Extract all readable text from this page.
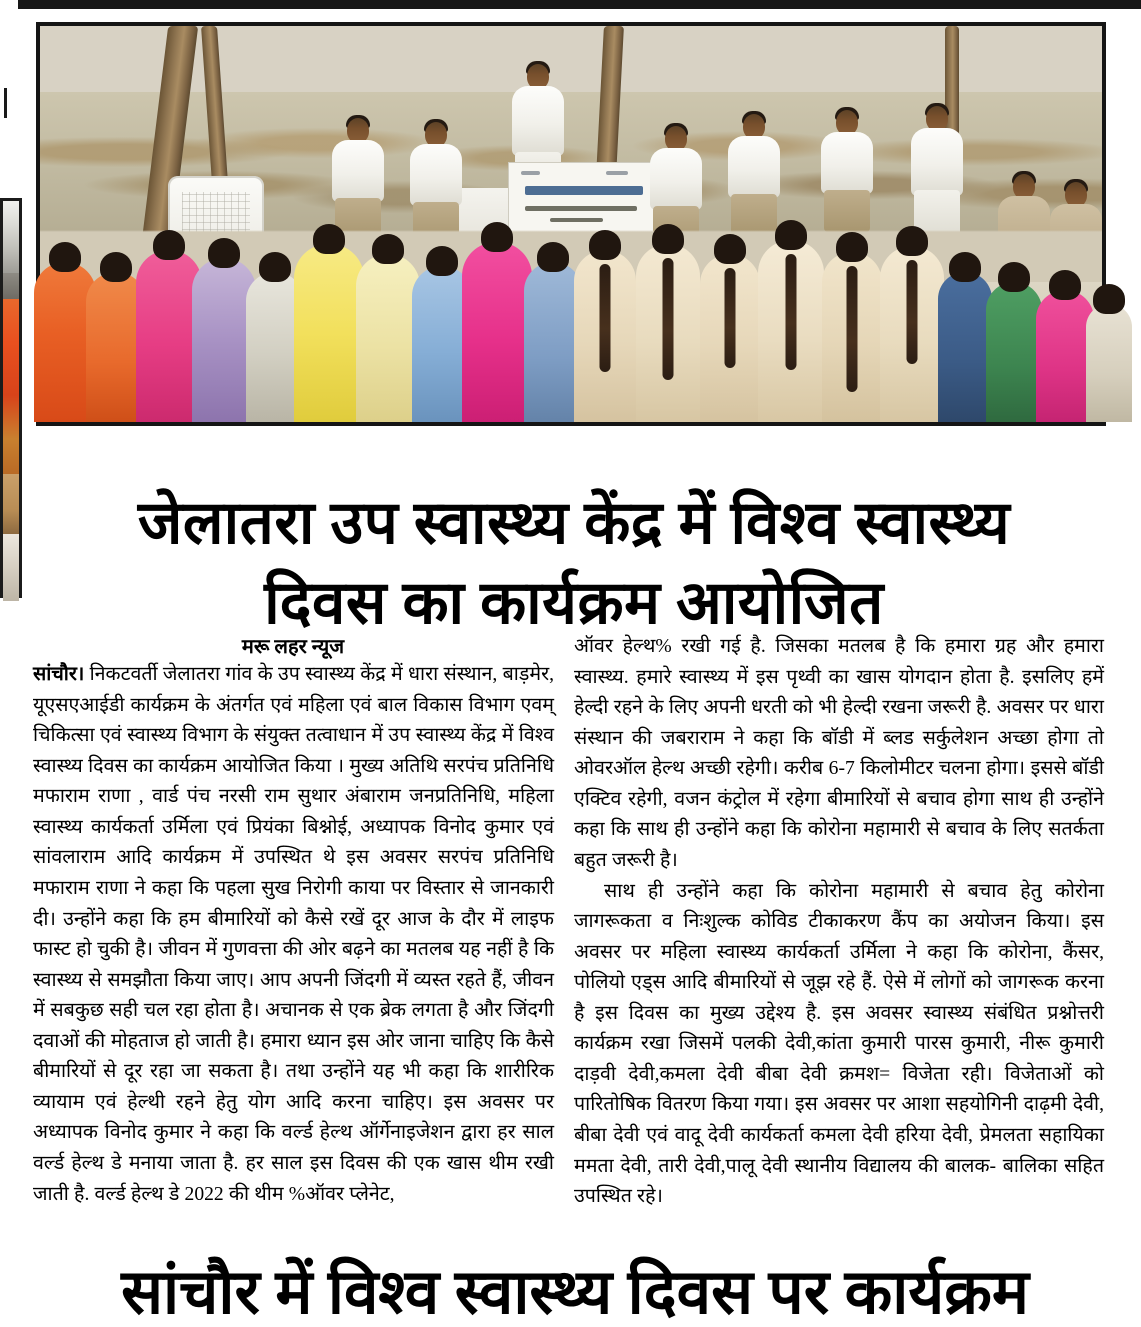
जेलातरा उप स्वास्थ्य केंद्र में विश्व स्वास्थ्य
दिवस का कार्यक्रम आयोजित
मरू लहर न्यूज

सांचौर। निकटवर्ती जेलातरा गांव के उप स्वास्थ्य केंद्र में धारा संस्थान, बाड़मेर, यूएसएआईडी कार्यक्रम के अंतर्गत एवं महिला एवं बाल विकास विभाग एवम् चिकित्सा एवं स्वास्थ्य विभाग के संयुक्त तत्वाधान में उप स्वास्थ्य केंद्र में विश्व स्वास्थ्य दिवस का कार्यक्रम आयोजित किया । मुख्य अतिथि सरपंच प्रतिनिधि मफाराम राणा , वार्ड पंच नरसी राम सुथार अंबाराम जनप्रतिनिधि, महिला स्वास्थ्य कार्यकर्ता उर्मिला एवं प्रियंका बिश्नोई, अध्यापक विनोद कुमार एवं सांवलाराम आदि कार्यक्रम में उपस्थित थे इस अवसर सरपंच प्रतिनिधि मफाराम राणा ने कहा कि पहला सुख निरोगी काया पर विस्तार से जानकारी दी। उन्होंने कहा कि हम बीमारियों को कैसे रखें दूर आज के दौर में लाइफ फास्ट हो चुकी है। जीवन में गुणवत्ता की ओर बढ़ने का मतलब यह नहीं है कि स्वास्थ्य से समझौता किया जाए। आप अपनी जिंदगी में व्यस्त रहते हैं, जीवन में सबकुछ सही चल रहा होता है। अचानक से एक ब्रेक लगता है और जिंदगी दवाओं की मोहताज हो जाती है। हमारा ध्यान इस ओर जाना चाहिए कि कैसे बीमारियों से दूर रहा जा सकता है। तथा उन्होंने यह भी कहा कि शारीरिक व्यायाम एवं हेल्थी रहने हेतु योग आदि करना चाहिए। इस अवसर पर अध्यापक विनोद कुमार ने कहा कि वर्ल्ड हेल्थ ऑर्गेनाइजेशन द्वारा हर साल वर्ल्ड हेल्थ डे मनाया जाता है. हर साल इस दिवस की एक खास थीम रखी जाती है. वर्ल्ड हेल्थ डे 2022 की थीम %ऑवर प्लेनेट,

ऑवर हेल्थ% रखी गई है. जिसका मतलब है कि हमारा ग्रह और हमारा स्वास्थ्य. हमारे स्वास्थ्य में इस पृथ्वी का खास योगदान होता है. इसलिए हमें हेल्दी रहने के लिए अपनी धरती को भी हेल्दी रखना जरूरी है. अवसर पर धारा संस्थान की जबराराम ने कहा कि बॉडी में ब्लड सर्कुलेशन अच्छा होगा तो ओवरऑल हेल्थ अच्छी रहेगी। करीब 6-7 किलोमीटर चलना होगा। इससे बॉडी एक्टिव रहेगी, वजन कंट्रोल में रहेगा बीमारियों से बचाव होगा साथ ही उन्होंने कहा कि साथ ही उन्होंने कहा कि कोरोना महामारी से बचाव के लिए सतर्कता बहुत जरूरी है।

साथ ही उन्होंने कहा कि कोरोना महामारी से बचाव हेतु कोरोना जागरूकता व निःशुल्क कोविड टीकाकरण कैंप का अयोजन किया। इस अवसर पर महिला स्वास्थ्य कार्यकर्ता उर्मिला ने कहा कि कोरोना, कैंसर, पोलियो एड्स आदि बीमारियों से जूझ रहे हैं. ऐसे में लोगों को जागरूक करना है इस दिवस का मुख्य उद्देश्य है. इस अवसर स्वास्थ्य संबंधित प्रश्नोत्तरी कार्यक्रम रखा जिसमें पलकी देवी,कांता कुमारी पारस कुमारी, नीरू कुमारी दाड़वी देवी,कमला देवी बीबा देवी क्रमश= विजेता रही। विजेताओं को पारितोषिक वितरण किया गया। इस अवसर पर आशा सहयोगिनी दाढ़मी देवी, बीबा देवी एवं वादू देवी कार्यकर्ता कमला देवी हरिया देवी, प्रेमलता सहायिका ममता देवी, तारी देवी,पालू देवी स्थानीय विद्यालय की बालक- बालिका सहित उपस्थित रहे।

सांचौर में विश्व स्वास्थ्य दिवस पर कार्यक्रम
